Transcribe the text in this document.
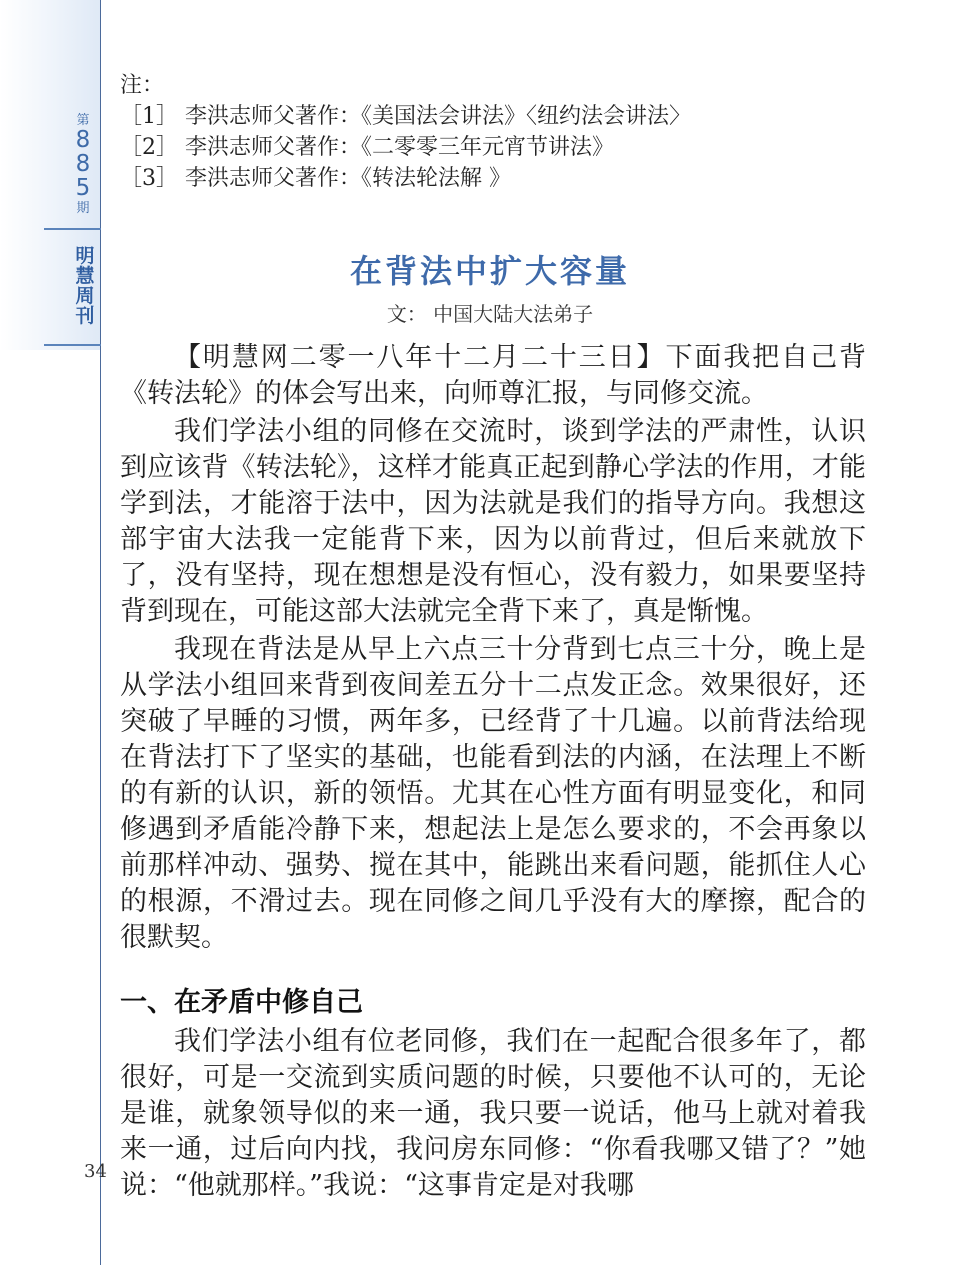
第
8
8
5
期
明
慧
周
刊
34
注：
［1］ 李洪志师父著作：《美国法会讲法》〈纽约法会讲法〉
［2］ 李洪志师父著作：《二零零三年元宵节讲法》
［3］ 李洪志师父著作：《转法轮法解 》
在背法中扩大容量
文： 中国大陆大法弟子

【明慧网二零一八年十二月二十三日】下面我把自己背《转法轮》的体会写出来，向师尊汇报，与同修交流。

我们学法小组的同修在交流时，谈到学法的严肃性，认识到应该背《转法轮》，这样才能真正起到静心学法的作用，才能学到法，才能溶于法中，因为法就是我们的指导方向。我想这部宇宙大法我一定能背下来，因为以前背过，但后来就放下了，没有坚持，现在想想是没有恒心，没有毅力，如果要坚持背到现在，可能这部大法就完全背下来了，真是惭愧。

我现在背法是从早上六点三十分背到七点三十分，晚上是从学法小组回来背到夜间差五分十二点发正念。效果很好，还突破了早睡的习惯，两年多，已经背了十几遍。以前背法给现在背法打下了坚实的基础，也能看到法的内涵，在法理上不断的有新的认识，新的领悟。尤其在心性方面有明显变化，和同修遇到矛盾能冷静下来，想起法上是怎么要求的，不会再象以前那样冲动、强势、搅在其中，能跳出来看问题，能抓住人心的根源，不滑过去。现在同修之间几乎没有大的摩擦，配合的很默契。

一、在矛盾中修自己

我们学法小组有位老同修，我们在一起配合很多年了，都很好，可是一交流到实质问题的时候，只要他不认可的，无论是谁，就象领导似的来一通，我只要一说话，他马上就对着我来一通，过后向内找，我问房东同修：“你看我哪又错了？”她说：“他就那样。”我说：“这事肯定是对我哪
